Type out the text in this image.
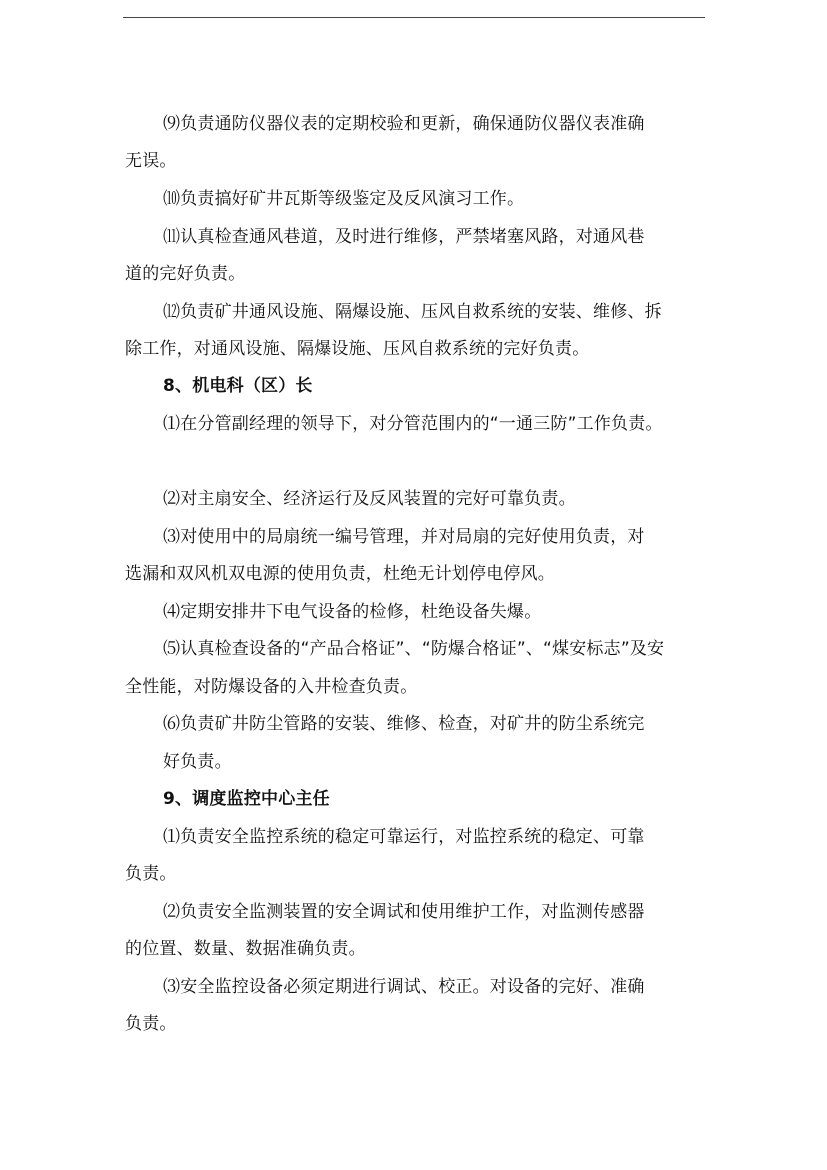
⑼负责通防仪器仪表的定期校验和更新，确保通防仪器仪表准确
无误。
⑽负责搞好矿井瓦斯等级鉴定及反风演习工作。
⑾认真检查通风巷道，及时进行维修，严禁堵塞风路，对通风巷
道的完好负责。
⑿负责矿井通风设施、隔爆设施、压风自救系统的安装、维修、拆
除工作，对通风设施、隔爆设施、压风自救系统的完好负责。
8、机电科（区）长
⑴在分管副经理的领导下，对分管范围内的“一通三防”工作负责。
⑵对主扇安全、经济运行及反风装置的完好可靠负责。
⑶对使用中的局扇统一编号管理，并对局扇的完好使用负责，对
选漏和双风机双电源的使用负责，杜绝无计划停电停风。
⑷定期安排井下电气设备的检修，杜绝设备失爆。
⑸认真检查设备的“产品合格证”、“防爆合格证”、“煤安标志”及安
全性能，对防爆设备的入井检查负责。
⑹负责矿井防尘管路的安装、维修、检查，对矿井的防尘系统完
好负责。
9、调度监控中心主任
⑴负责安全监控系统的稳定可靠运行，对监控系统的稳定、可靠
负责。
⑵负责安全监测装置的安全调试和使用维护工作，对监测传感器
的位置、数量、数据准确负责。
⑶安全监控设备必须定期进行调试、校正。对设备的完好、准确
负责。
